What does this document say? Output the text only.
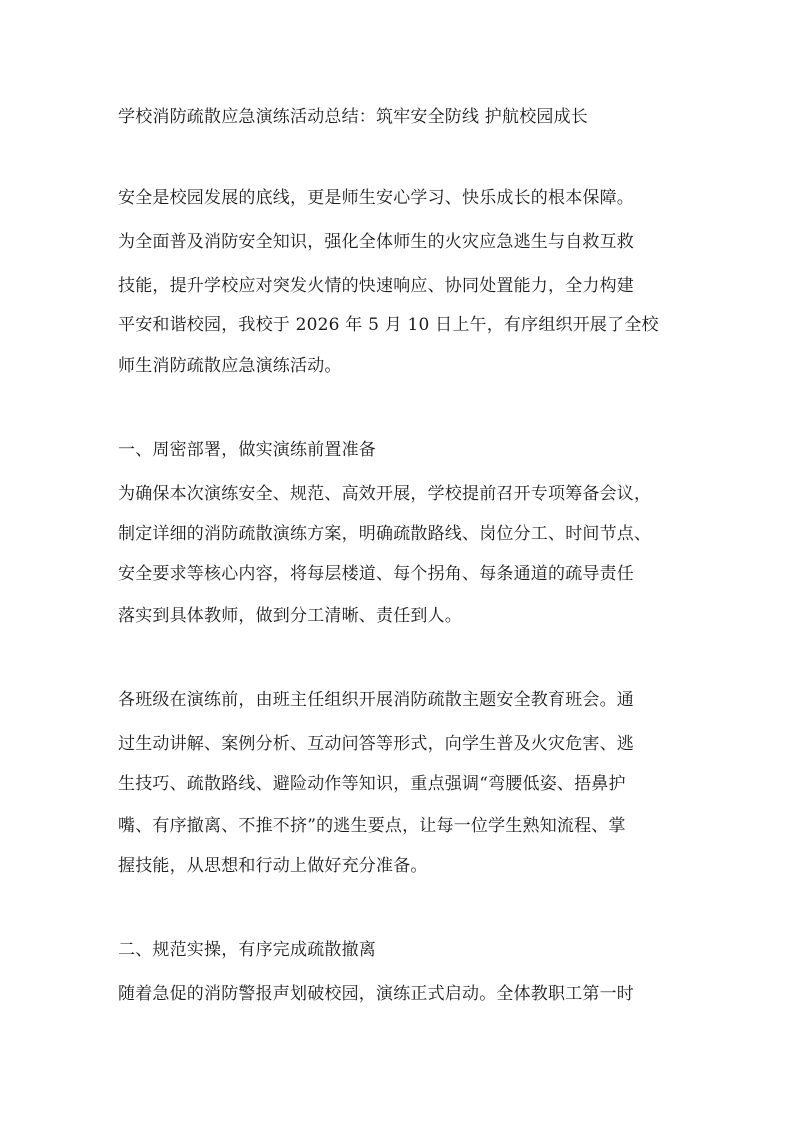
学校消防疏散应急演练活动总结：筑牢安全防线 护航校园成长
安全是校园发展的底线，更是师生安心学习、快乐成长的根本保障。
为全面普及消防安全知识，强化全体师生的火灾应急逃生与自救互救
技能，提升学校应对突发火情的快速响应、协同处置能力，全力构建
平安和谐校园，我校于 2026 年 5 月 10 日上午，有序组织开展了全校
师生消防疏散应急演练活动。
一、周密部署，做实演练前置准备
为确保本次演练安全、规范、高效开展，学校提前召开专项筹备会议，
制定详细的消防疏散演练方案，明确疏散路线、岗位分工、时间节点、
安全要求等核心内容，将每层楼道、每个拐角、每条通道的疏导责任
落实到具体教师，做到分工清晰、责任到人。
各班级在演练前，由班主任组织开展消防疏散主题安全教育班会。通
过生动讲解、案例分析、互动问答等形式，向学生普及火灾危害、逃
生技巧、疏散路线、避险动作等知识，重点强调“弯腰低姿、捂鼻护
嘴、有序撤离、不推不挤”的逃生要点，让每一位学生熟知流程、掌
握技能，从思想和行动上做好充分准备。
二、规范实操，有序完成疏散撤离
随着急促的消防警报声划破校园，演练正式启动。全体教职工第一时
